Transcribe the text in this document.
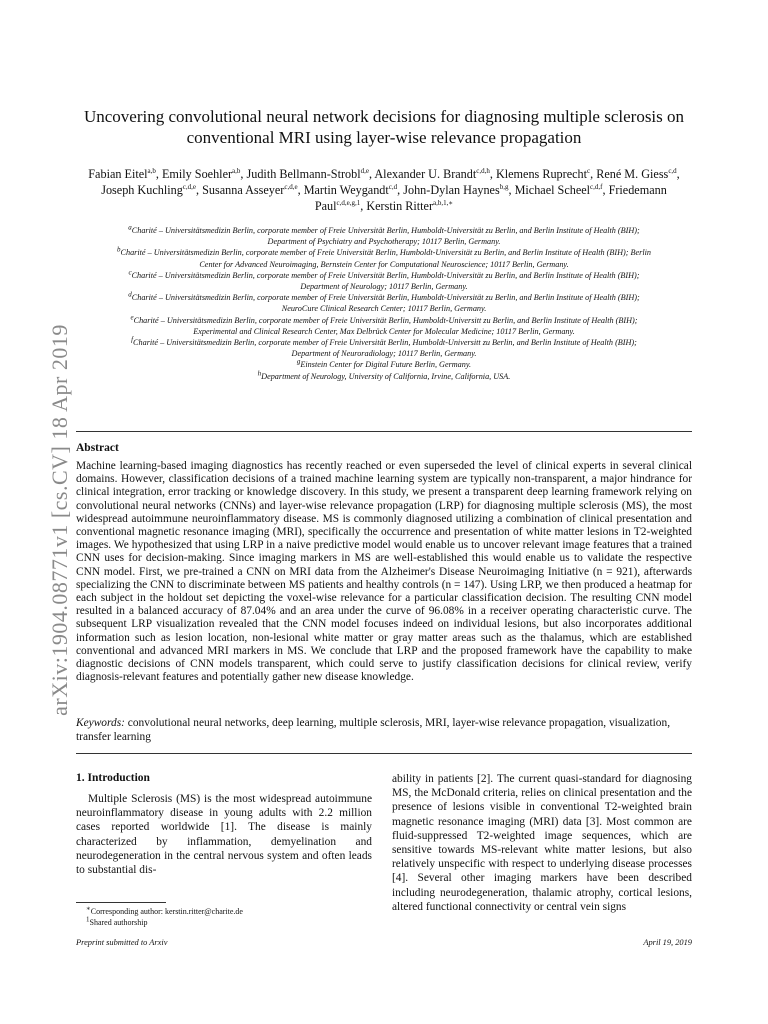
arXiv:1904.08771v1 [cs.CV] 18 Apr 2019
Uncovering convolutional neural network decisions for diagnosing multiple sclerosis on conventional MRI using layer-wise relevance propagation
Fabian Eitel$^{a,b}$, Emily Soehler$^{a,b}$, Judith Bellmann-Strobl$^{d,e}$, Alexander U. Brandt$^{c,d,h}$, Klemens Ruprecht$^c$, René M. Giess$^{c,d}$, Joseph Kuchling$^{c,d,e}$, Susanna Asseyer$^{c,d,e}$, Martin Weygandt$^{c,d}$, John-Dylan Haynes$^{b,g}$, Michael Scheel$^{c,d,f}$, Friedemann Paul$^{c,d,e,g,1}$, Kerstin Ritter$^{a,b,1,∗}$
$^a$Charité – Universitätsmedizin Berlin, corporate member of Freie Universität Berlin, Humboldt-Universität zu Berlin, and Berlin Institute of Health (BIH);
Department of Psychiatry and Psychotherapy; 10117 Berlin, Germany.
$^b$Charité – Universitätsmedizin Berlin, corporate member of Freie Universität Berlin, Humboldt-Universität zu Berlin, and Berlin Institute of Health (BIH); Berlin
Center for Advanced Neuroimaging, Bernstein Center for Computational Neuroscience; 10117 Berlin, Germany.
$^c$Charité – Universitätsmedizin Berlin, corporate member of Freie Universität Berlin, Humboldt-Universität zu Berlin, and Berlin Institute of Health (BIH);
Department of Neurology; 10117 Berlin, Germany.
$^d$Charité – Universitätsmedizin Berlin, corporate member of Freie Universität Berlin, Humboldt-Universität zu Berlin, and Berlin Institute of Health (BIH);
NeuroCure Clinical Research Center; 10117 Berlin, Germany.
$^e$Charité – Universitätsmedizin Berlin, corporate member of Freie Universität Berlin, Humboldt-Universitt zu Berlin, and Berlin Institute of Health (BIH);
Experimental and Clinical Research Center, Max Delbrück Center for Molecular Medicine; 10117 Berlin, Germany.
$^f$Charité – Universitätsmedizin Berlin, corporate member of Freie Universität Berlin, Humboldt-Universitt zu Berlin, and Berlin Institute of Health (BIH);
Department of Neuroradiology; 10117 Berlin, Germany.
$^g$Einstein Center for Digital Future Berlin, Germany.
$^h$Department of Neurology, University of California, Irvine, California, USA.
Abstract
Machine learning-based imaging diagnostics has recently reached or even superseded the level of clinical experts in several clinical domains. However, classification decisions of a trained machine learning system are typically non-transparent, a major hindrance for clinical integration, error tracking or knowledge discovery. In this study, we present a transparent deep learning framework relying on convolutional neural networks (CNNs) and layer-wise relevance propagation (LRP) for diagnosing multiple sclerosis (MS), the most widespread autoimmune neuroinflammatory disease. MS is commonly diagnosed utilizing a combination of clinical presentation and conventional magnetic resonance imaging (MRI), specifically the occurrence and presentation of white matter lesions in T2-weighted images. We hypothesized that using LRP in a naive predictive model would enable us to uncover relevant image features that a trained CNN uses for decision-making. Since imaging markers in MS are well-established this would enable us to validate the respective CNN model. First, we pre-trained a CNN on MRI data from the Alzheimer's Disease Neuroimaging Initiative (n = 921), afterwards specializing the CNN to discriminate between MS patients and healthy controls (n = 147). Using LRP, we then produced a heatmap for each subject in the holdout set depicting the voxel-wise relevance for a particular classification decision. The resulting CNN model resulted in a balanced accuracy of 87.04% and an area under the curve of 96.08% in a receiver operating characteristic curve. The subsequent LRP visualization revealed that the CNN model focuses indeed on individual lesions, but also incorporates additional information such as lesion location, non-lesional white matter or gray matter areas such as the thalamus, which are established conventional and advanced MRI markers in MS. We conclude that LRP and the proposed framework have the capability to make diagnostic decisions of CNN models transparent, which could serve to justify classification decisions for clinical review, verify diagnosis-relevant features and potentially gather new disease knowledge.
Keywords: convolutional neural networks, deep learning, multiple sclerosis, MRI, layer-wise relevance propagation, visualization, transfer learning
1. Introduction
Multiple Sclerosis (MS) is the most widespread autoimmune neuroinflammatory disease in young adults with 2.2 million cases reported worldwide [1]. The disease is mainly characterized by inflammation, demyelination and neurodegeneration in the central nervous system and often leads to substantial dis-
ability in patients [2]. The current quasi-standard for diagnosing MS, the McDonald criteria, relies on clinical presentation and the presence of lesions visible in conventional T2-weighted brain magnetic resonance imaging (MRI) data [3]. Most common are fluid-suppressed T2-weighted image sequences, which are sensitive towards MS-relevant white matter lesions, but also relatively unspecific with respect to underlying disease processes [4]. Several other imaging markers have been described including neurodegeneration, thalamic atrophy, cortical lesions, altered functional connectivity or central vein signs
∗Corresponding author: kerstin.ritter@charite.de
$^1$Shared authorship
Preprint submitted to Arxiv	April 19, 2019
